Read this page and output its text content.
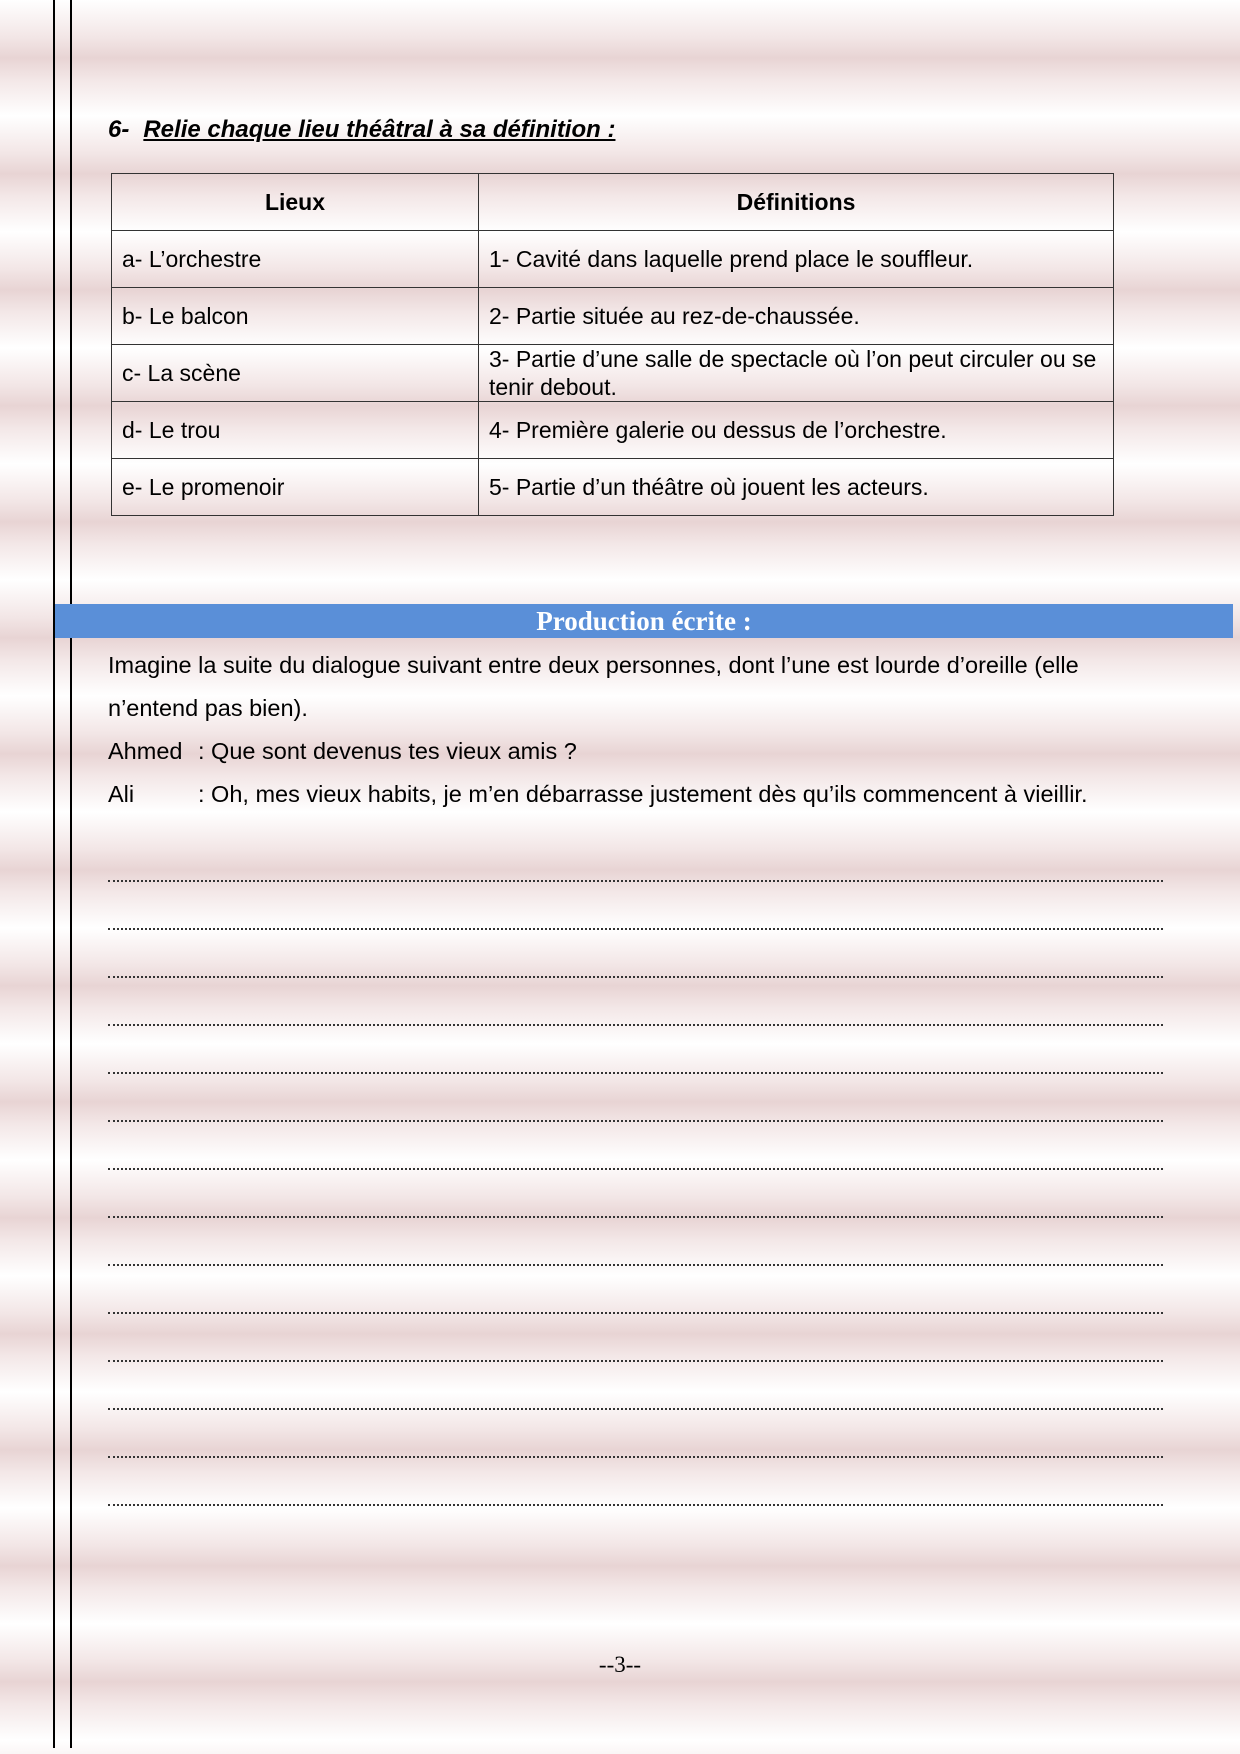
6- Relie chaque lieu théâtral à sa définition :
Lieux	Définitions
a- L’orchestre	1- Cavité dans laquelle prend place le souffleur.
b- Le balcon	2- Partie située au rez-de-chaussée.
c- La scène	3- Partie d’une salle de spectacle où l’on peut circuler ou se tenir debout.
d- Le trou	4- Première galerie ou dessus de l’orchestre.
e- Le promenoir	5- Partie d’un théâtre où jouent les acteurs.
Production écrite :
Imagine la suite du dialogue suivant entre deux personnes, dont l’une est lourde d’oreille (elle n’entend pas bien).
Ahmed : Que sont devenus tes vieux amis ?
Ali	: Oh, mes vieux habits, je m’en débarrasse justement dès qu’ils commencent à vieillir.
--3--
